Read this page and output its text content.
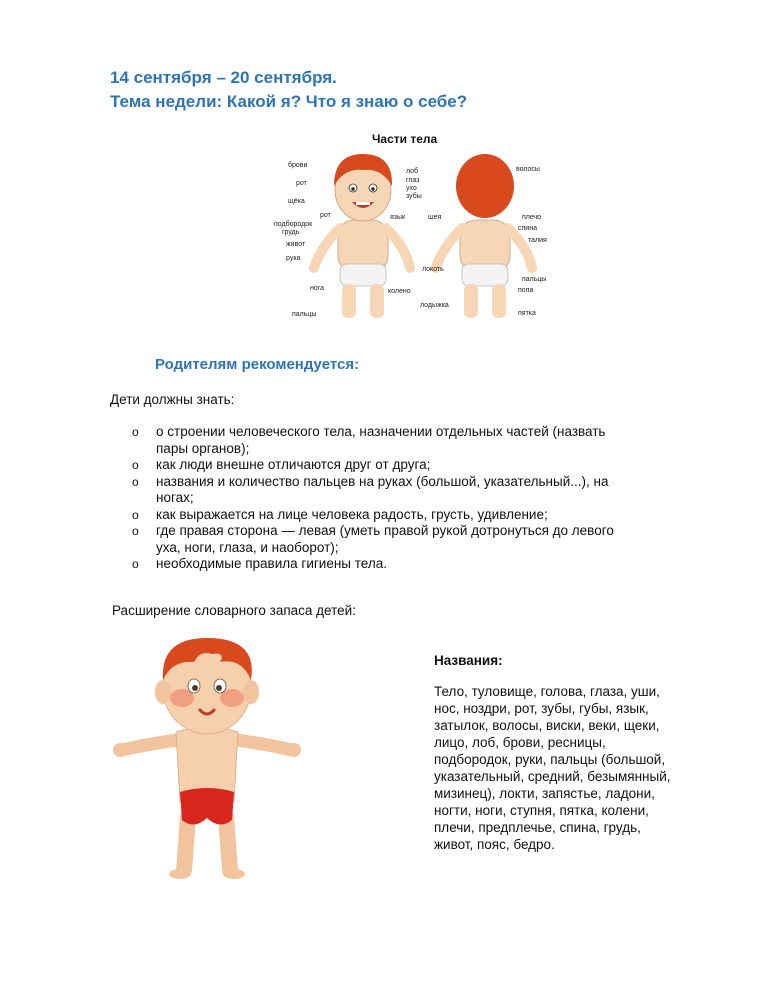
14 сентября – 20 сентября.
Тема недели: Какой я? Что я знаю о себе?
Части тела
брови
рот
щёка
подбородок
грудь
живот
рука
нога
пальцы
лоб
глаз
ухо
зубы
рот	язык
колено
волосы
шея	плечо
спина
талия
локоть
пальцы
попа
лодыжка
пятка
Родителям рекомендуется:
Дети должны знать:
o о строении человеческого тела, назначении отдельных частей (назвать
пары органов);
o как люди внешне отличаются друг от друга;
o названия и количество пальцев на руках (большой, указательный...), на
ногах;
o как выражается на лице человека радость, грусть, удивление;
o где правая сторона — левая (уметь правой рукой дотронуться до левого
уха, ноги, глаза, и наоборот);
o необходимые правила гигиены тела.
Расширение словарного запаса детей:
Названия:
Тело, туловище, голова, глаза, уши,
нос, ноздри, рот, зубы, губы, язык,
затылок, волосы, виски, веки, щеки,
лицо, лоб, брови, ресницы,
подбородок, руки, пальцы (большой,
указательный, средний, безымянный,
мизинец), локти, запястье, ладони,
ногти, ноги, ступня, пятка, колени,
плечи, предплечье, спина, грудь,
живот, пояс, бедро.
